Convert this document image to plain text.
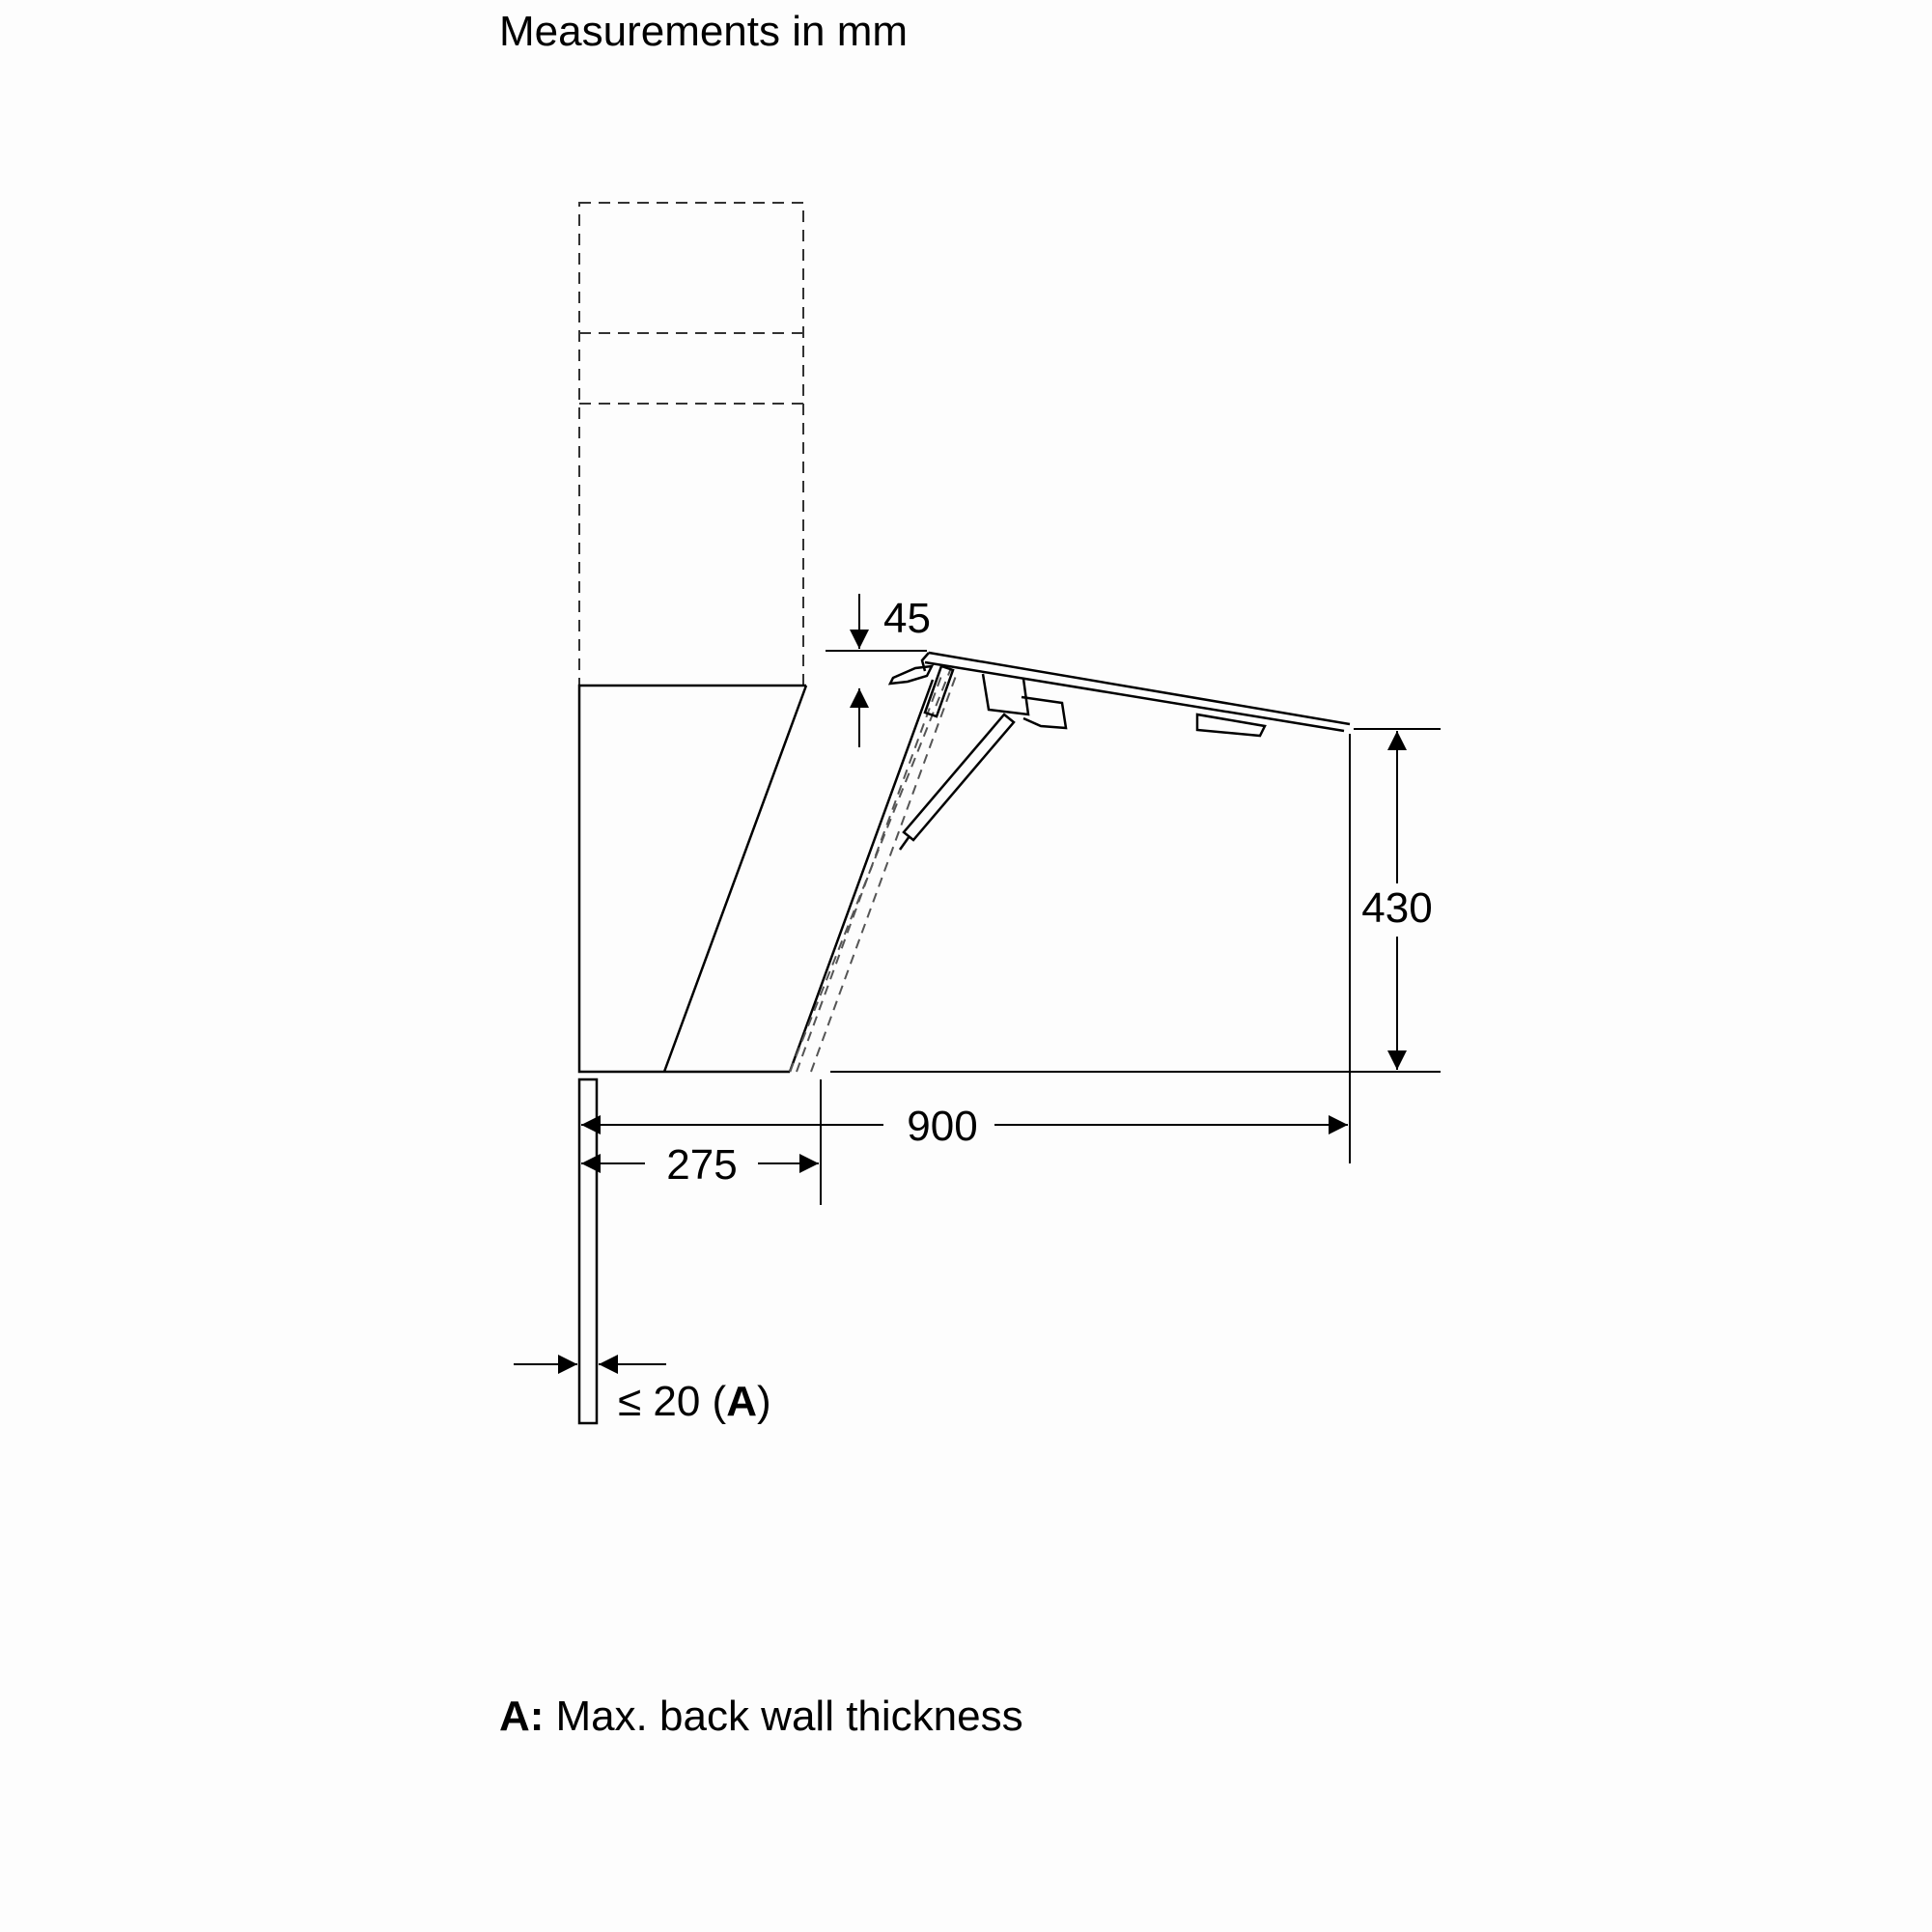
Measurements in mm
45
430
900
275
≤ 20 (A)
A: Max. back wall thickness
